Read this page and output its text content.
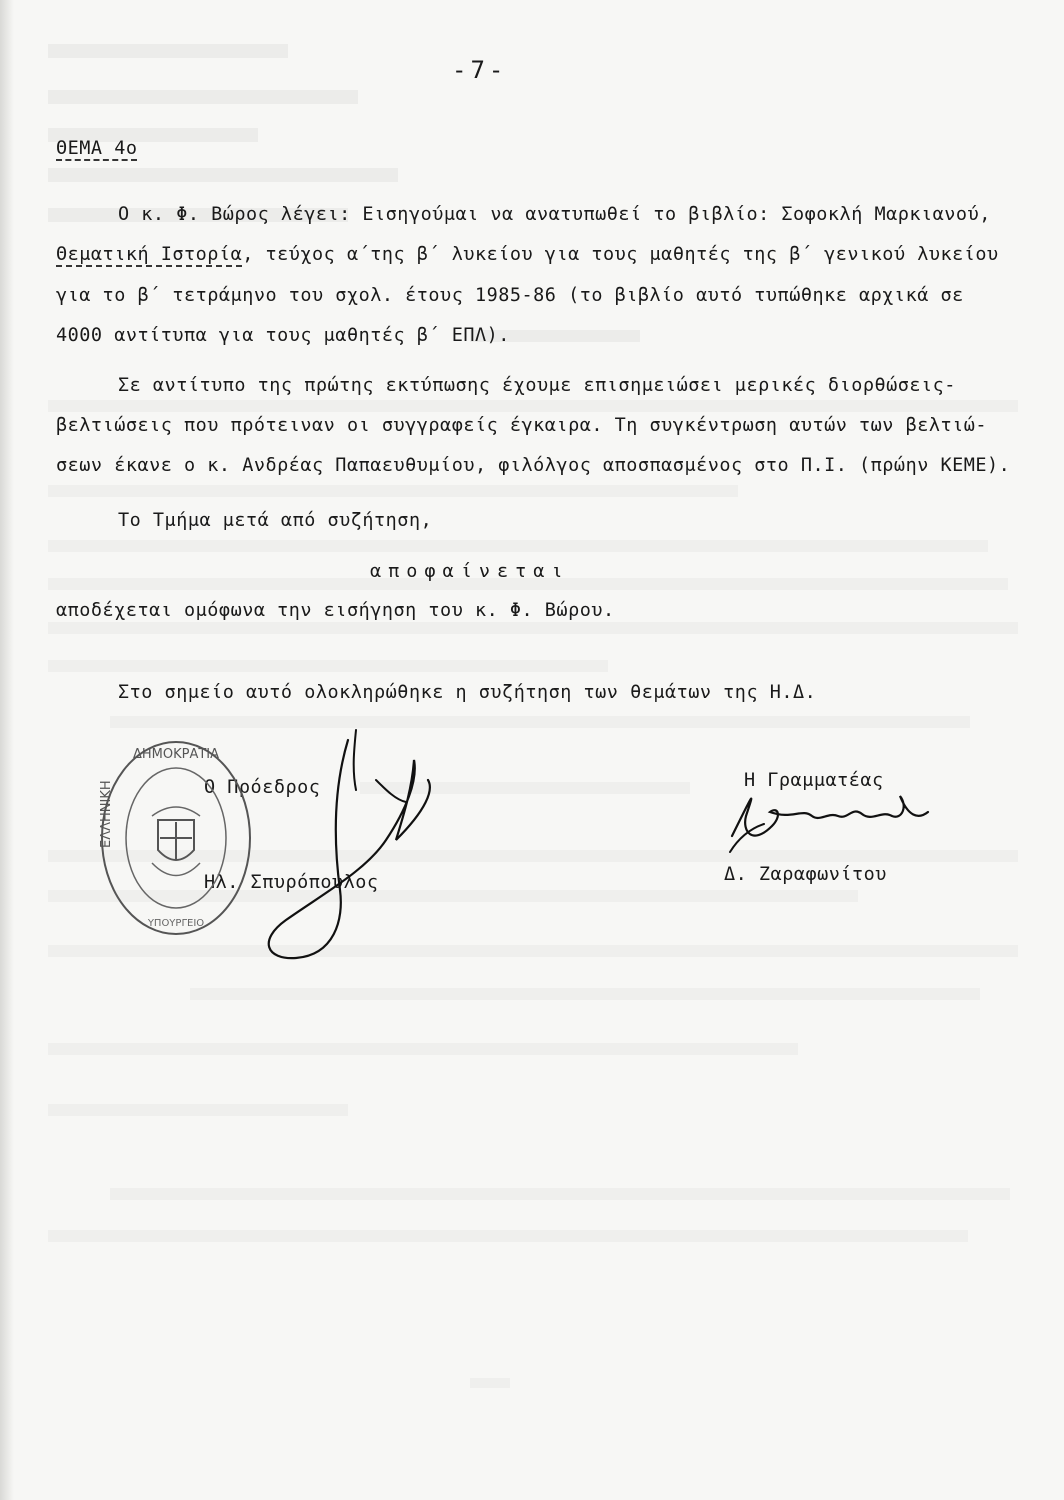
-7-
ΘΕΜΑ 4ο
Ο κ. Φ. Βώρος λέγει: Εισηγούμαι να ανατυπωθεί το βιβλίο: Σοφοκλή Μαρκιανού,
Θεματική Ιστορία, τεύχος α΄της β΄ λυκείου για τους μαθητές της β΄ γενικού λυκείου
για το β΄ τετράμηνο του σχολ. έτους 1985-86 (το βιβλίο αυτό τυπώθηκε αρχικά σε
4000 αντίτυπα για τους μαθητές β΄ ΕΠΛ).
Σε αντίτυπο της πρώτης εκτύπωσης έχουμε επισημειώσει μερικές διορθώσεις-
βελτιώσεις που πρότειναν οι συγγραφείς έγκαιρα. Τη συγκέντρωση αυτών των βελτιώ-
σεων έκανε ο κ. Ανδρέας Παπαευθυμίου, φιλόλγος αποσπασμένος στο Π.Ι. (πρώην ΚΕΜΕ).
Το Τμήμα μετά από συζήτηση,
αποφαίνεται
αποδέχεται ομόφωνα την εισήγηση του κ. Φ. Βώρου.
Στο σημείο αυτό ολοκληρώθηκε η συζήτηση των θεμάτων της Η.Δ.
Ο Πρόεδρος
Ηλ. Σπυρόπουλος
Η Γραμματέας
Δ. Ζαραφωνίτου
ΔΗΜΟΚΡΑΤΙΑ
ΕΛΛΗΝΙΚΗ
ΥΠΟΥΡΓΕΙΟ
